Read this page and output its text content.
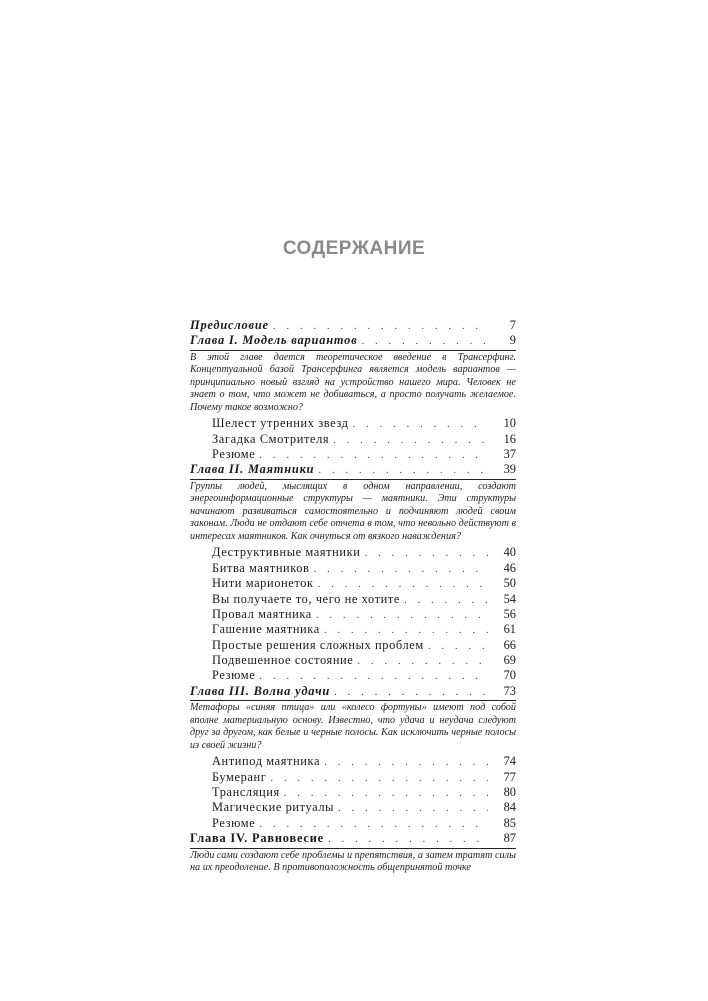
СОДЕРЖАНИЕ
Предисловие . . .	7
Глава I. Модель вариантов . . .	9
В этой главе дается теоретическое введение в Трансерфинг. Концептуальной базой Трансерфинга является модель вариантов — принципиально новый взгляд на устройство нашего мира. Человек не знает о том, что может не добиваться, а просто получать желаемое. Почему такое возможно?
Шелест утренних звезд . . .	10
Загадка Смотрителя . . .	16
Резюме . . .	37
Глава II. Маятники . . .	39
Группы людей, мыслящих в одном направлении, создают энергоинформационные структуры — маятники. Эти структуры начинают развиваться самостоятельно и подчиняют людей своим законам. Люди не отдают себе отчета в том, что невольно действуют в интересах маятников. Как очнуться от вязкого наваждения?
Деструктивные маятники . . .	40
Битва маятников . . .	46
Нити марионеток . . .	50
Вы получаете то, чего не хотите . . .	54
Провал маятника . . .	56
Гашение маятника . . .	61
Простые решения сложных проблем . . .	66
Подвешенное состояние . . .	69
Резюме . . .	70
Глава III. Волна удачи . . .	73
Метафоры «синяя птица» или «колесо фортуны» имеют под собой вполне материальную основу. Известно, что удача и неудача следуют друг за другом, как белые и черные полосы. Как исключить черные полосы из своей жизни?
Антипод маятника . . .	74
Бумеранг . . .	77
Трансляция . . .	80
Магические ритуалы . . .	84
Резюме . . .	85
Глава IV. Равновесие . . .	87
Люди сами создают себе проблемы и препятствия, а затем тратят силы на их преодоление. В противоположность общепринятой точке
